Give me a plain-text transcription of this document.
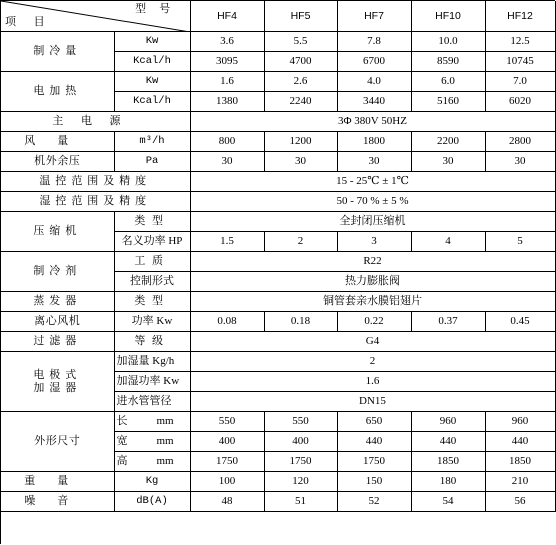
型号
项目		HF4	HF5	HF7	HF10	HF12
制冷量	Kw	3.6	5.5	7.8	10.0	12.5
	Kcal/h	3095	4700	6700	8590	10745
电加热	Kw	1.6	2.6	4.0	6.0	7.0
	Kcal/h	1380	2240	3440	5160	6020
主电源		3Φ 380V 50HZ				
风量	m³/h	800	1200	1800	2200	2800
机外余压	Pa	30	30	30	30	30
温控范围及精度		15 - 25℃ ± 1℃				
湿控范围及精度		50 - 70 % ± 5 %				
压缩机	类型	全封闭压缩机				
	名义功率 HP	1.5	2	3	4	5
制冷剂	工质	R22				
	控制形式	热力膨胀阀				
蒸发器	类型	铜管套亲水膜铝翅片				
离心风机	功率 Kw	0.08	0.18	0.22	0.37	0.45
过滤器	等级	G4				

电极式
加湿器	加湿量 Kg/h	2				
	加湿功率 Kw	1.6				
	进水管管径	DN15				
外形尺寸	长 mm	550	550	650	960	960
	宽 mm	400	400	440	440	440
	高 mm	1750	1750	1750	1850	1850
重量	Kg	100	120	150	180	210
噪音	dB(A)	48	51	52	54	56
